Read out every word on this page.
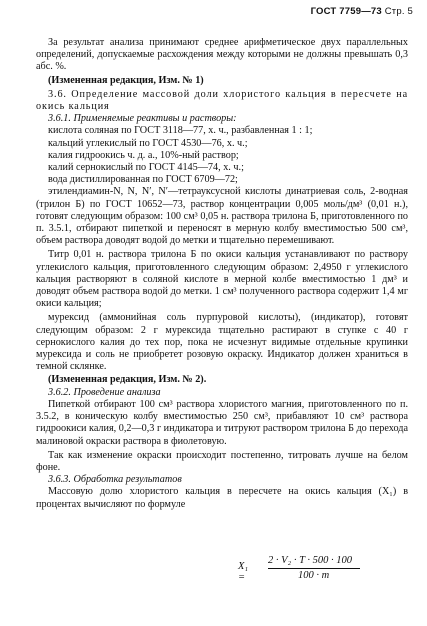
ГОСТ 7759—73 Стр. 5

За результат анализа принимают среднее арифметическое двух параллельных определений, допускаемые расхождения между которыми не должны превышать 0,3 абс. %.

(Измененная редакция, Изм. № 1)

3.6. Определение массовой доли хлористого кальция в пересчете на окись кальция

3.6.1. Применяемые реактивы и растворы:

кислота соляная по ГОСТ 3118—77, х. ч., разбавленная 1 : 1;

кальций углекислый по ГОСТ 4530—76, х. ч.;

калия гидроокись ч. д. а., 10%-ный раствор;

калий сернокислый по ГОСТ 4145—74, х. ч.;

вода дистиллированная по ГОСТ 6709—72;

этилендиамин-N, N, N′, N′—тетрауксусной кислоты динатриевая соль, 2-водная (трилон Б) по ГОСТ 10652—73, раствор концентрации 0,005 моль/дм³ (0,01 н.), готовят следующим образом: 100 см³ 0,05 н. раствора трилона Б, приготовленного по п. 3.5.1, отбирают пипеткой и переносят в мерную колбу вместимостью 500 см³, объем раствора доводят водой до метки и тщательно перемешивают.

Титр 0,01 н. раствора трилона Б по окиси кальция устанавливают по раствору углекислого кальция, приготовленного следующим образом: 2,4950 г углекислого кальция растворяют в соляной кислоте в мерной колбе вместимостью 1 дм³ и доводят объем раствора водой до метки. 1 см³ полученного раствора содержит 1,4 мг окиси кальция;

мурексид (аммонийная соль пурпуровой кислоты), (индикатор), готовят следующим образом: 2 г мурексида тщательно растирают в ступке с 40 г сернокислого калия до тех пор, пока не исчезнут видимые отдельные крупинки мурексида и соль не приобретет розовую окраску. Индикатор должен храниться в темной склянке.

(Измененная редакция, Изм. № 2).

3.6.2. Проведение анализа

Пипеткой отбирают 100 см³ раствора хлористого магния, приготовленного по п. 3.5.2, в коническую колбу вместимостью 250 см³, прибавляют 10 см³ раствора гидроокиси калия, 0,2—0,3 г индикатора и титруют раствором трилона Б до перехода малиновой окраски раствора в фиолетовую.

Так как изменение окраски происходит постепенно, титровать лучше на белом фоне.

3.6.3. Обработка результатов

Массовую долю хлористого кальция в пересчете на окись кальция (X₁) в процентах вычисляют по формуле

X₁ =
2 · V₂ · T · 500 · 100
100 · m
